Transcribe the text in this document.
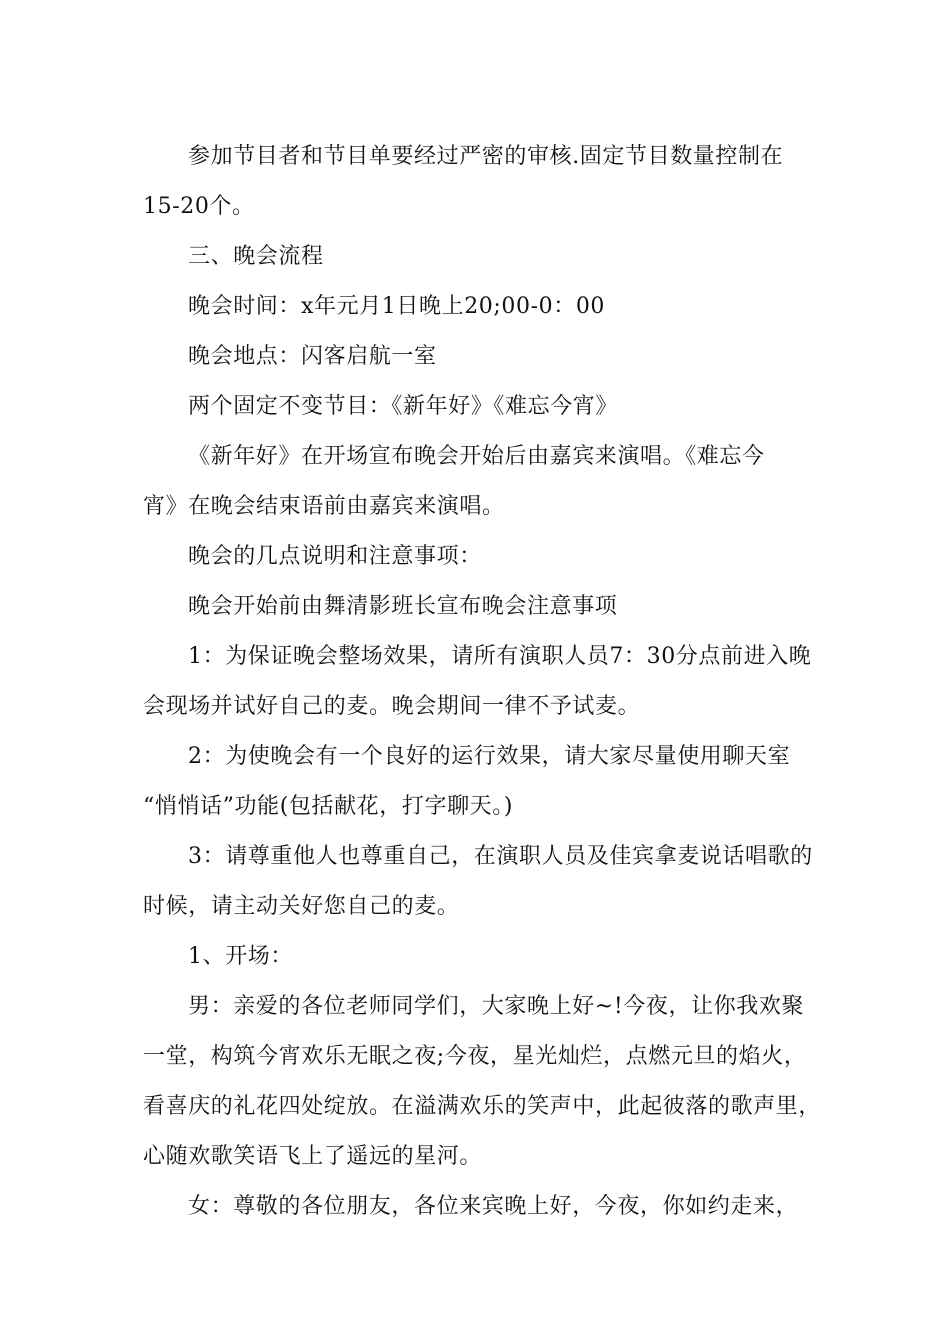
参加节目者和节目单要经过严密的审核.固定节目数量控制在
15-20个。
三、晚会流程
晚会时间：x年元月1日晚上20;00-0：00
晚会地点：闪客启航一室
两个固定不变节目：《新年好》《难忘今宵》
《新年好》在开场宣布晚会开始后由嘉宾来演唱。《难忘今
宵》在晚会结束语前由嘉宾来演唱。
晚会的几点说明和注意事项：
晚会开始前由舞清影班长宣布晚会注意事项
1：为保证晚会整场效果，请所有演职人员7：30分点前进入晚
会现场并试好自己的麦。晚会期间一律不予试麦。
2：为使晚会有一个良好的运行效果，请大家尽量使用聊天室
“悄悄话”功能(包括献花，打字聊天。)
3：请尊重他人也尊重自己，在演职人员及佳宾拿麦说话唱歌的
时候，请主动关好您自己的麦。
1、开场：
男：亲爱的各位老师同学们，大家晚上好~!今夜，让你我欢聚
一堂，构筑今宵欢乐无眠之夜;今夜，星光灿烂，点燃元旦的焰火，
看喜庆的礼花四处绽放。在溢满欢乐的笑声中，此起彼落的歌声里，
心随欢歌笑语飞上了遥远的星河。
女：尊敬的各位朋友，各位来宾晚上好，今夜，你如约走来，
